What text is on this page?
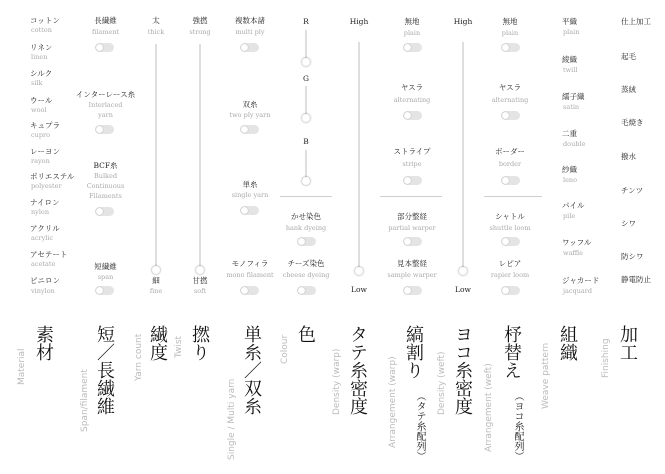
コットン
cotton
リネン
linen
シルク
silk
ウール
wool
キュプラ
cupro
レーヨン
rayon
ポリエステル
polyester
ナイロン
nylon
アクリル
acrylic
アセテート
acetate
ビニロン
vinylon
長繊維
filament
インターレース糸
Interlaced
yarn
BCF糸
Bulked
Continuous
Filaments
短繊維
span
太
thick
細
fine
強撚
strong
甘撚
soft
複数本諸
multi ply
双糸
two ply yarn
単糸
single yarn
モノフィラ
mono filament
R
G
B
かせ染色
hank dyeing
チーズ染色
cheese dyeing
High
Low
無地
plain
ヤスラ
alternating
ストライプ
stripe
部分整経
partial warper
見本整経
sample warper
High
Low
無地
plain
ヤスラ
alternating
ボーダー
border
シャトル
shuttle loom
レピア
rapier loom
平織
plain
綾織
twill
繻子織
satin
二重
double
紗織
leno
パイル
pile
ワッフル
waffle
ジャカード
jacquard
仕上加工
起毛
蒸絨
毛焼き
撥水
チンツ
シワ
防シワ
静電防止
Material
素材
Span/filament 短／長繊維 Yarn count 繊度 Twist 撚り
Single / Multi yarn
単糸／双糸 Colour
色
Density (warp) タテ糸密度 Arrangement (warp)
縞割り
（タテ糸配列）
Density (weft) ヨコ糸密度 Arrangement (weft)
杼替え
（ヨコ糸配列）
Weave pattern 組織	Finishing 加工
